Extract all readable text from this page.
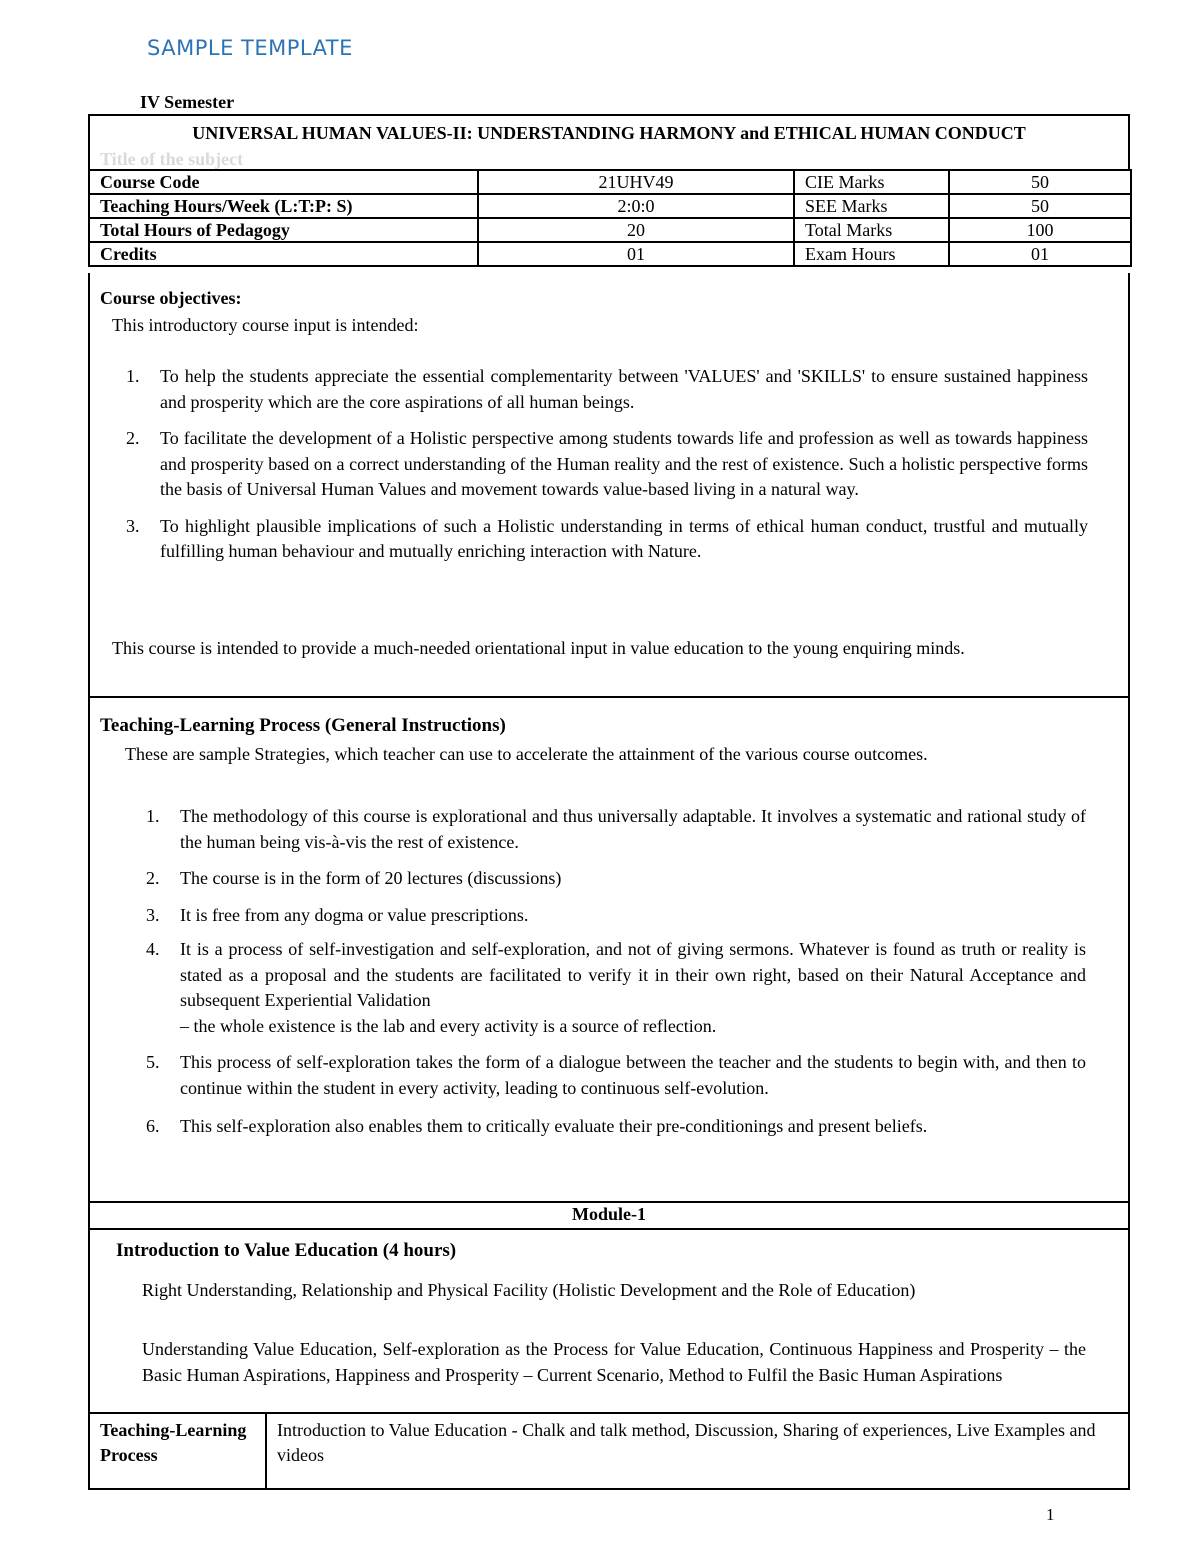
SAMPLE TEMPLATE
IV Semester
UNIVERSAL HUMAN VALUES-II: UNDERSTANDING HARMONY and ETHICAL HUMAN CONDUCT
Title of the subject
Course Code	21UHV49	CIE Marks	50
Teaching Hours/Week (L:T:P: S)	2:0:0	SEE Marks	50
Total Hours of Pedagogy	20	Total Marks	100
Credits	01	Exam Hours	01
Course objectives:
This introductory course input is intended:
1. To help the students appreciate the essential complementarity between 'VALUES' and 'SKILLS' to ensure sustained happiness and prosperity which are the core aspirations of all human beings.
2. To facilitate the development of a Holistic perspective among students towards life and profession as well as towards happiness and prosperity based on a correct understanding of the Human reality and the rest of existence. Such a holistic perspective forms the basis of Universal Human Values and movement towards value-based living in a natural way.
3. To highlight plausible implications of such a Holistic understanding in terms of ethical human conduct, trustful and mutually fulfilling human behaviour and mutually enriching interaction with Nature.
This course is intended to provide a much-needed orientational input in value education to the young enquiring minds.
Teaching-Learning Process (General Instructions)
These are sample Strategies, which teacher can use to accelerate the attainment of the various course outcomes.
1. The methodology of this course is explorational and thus universally adaptable. It involves a systematic and rational study of the human being vis-à-vis the rest of existence.
2. The course is in the form of 20 lectures (discussions)
3. It is free from any dogma or value prescriptions.
4. It is a process of self-investigation and self-exploration, and not of giving sermons. Whatever is found as truth or reality is stated as a proposal and the students are facilitated to verify it in their own right, based on their Natural Acceptance and subsequent Experiential Validation
– the whole existence is the lab and every activity is a source of reflection.
5. This process of self-exploration takes the form of a dialogue between the teacher and the students to begin with, and then to continue within the student in every activity, leading to continuous self-evolution.
6. This self-exploration also enables them to critically evaluate their pre-conditionings and present beliefs.
Module-1
Introduction to Value Education (4 hours)
Right Understanding, Relationship and Physical Facility (Holistic Development and the Role of Education)
Understanding Value Education, Self-exploration as the Process for Value Education, Continuous Happiness and Prosperity – the Basic Human Aspirations, Happiness and Prosperity – Current Scenario, Method to Fulfil the Basic Human Aspirations
Teaching-Learning Process	Introduction to Value Education - Chalk and talk method, Discussion, Sharing of experiences, Live Examples and videos
1
